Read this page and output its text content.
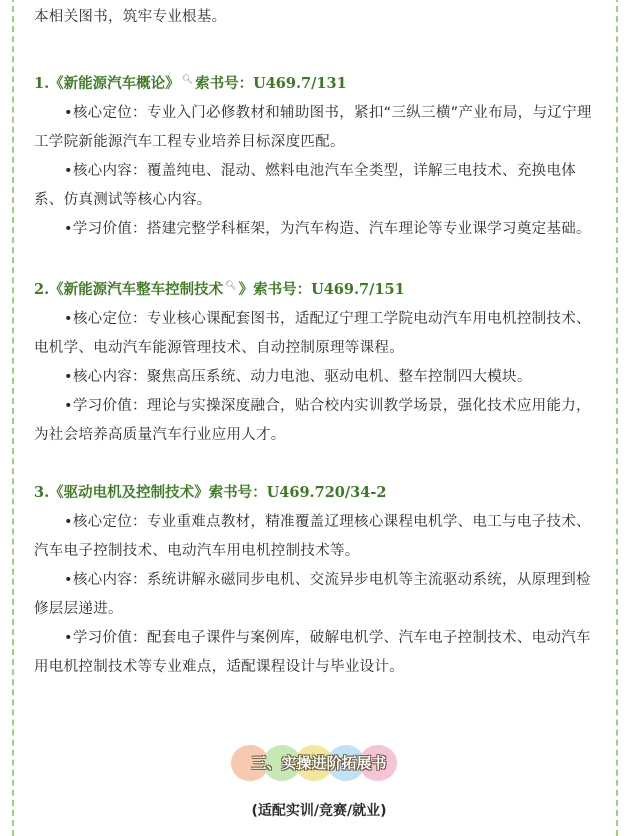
本相关图书，筑牢专业根基。

1.《新能源汽车概论》 🔍︎ 索书号：U469.7/131

•核心定位：专业入门必修教材和辅助图书，紧扣“三纵三横”产业布局，与辽宁理工学院新能源汽车工程专业培养目标深度匹配。

•核心内容：覆盖纯电、混动、燃料电池汽车全类型，详解三电技术、充换电体系、仿真测试等核心内容。

•学习价值：搭建完整学科框架，为汽车构造、汽车理论等专业课学习奠定基础。

2.《新能源汽车整车控制技术 🔍︎ 》索书号：U469.7/151

•核心定位：专业核心课配套图书，适配辽宁理工学院电动汽车用电机控制技术、电机学、电动汽车能源管理技术、自动控制原理等课程。

•核心内容：聚焦高压系统、动力电池、驱动电机、整车控制四大模块。

•学习价值：理论与实操深度融合，贴合校内实训教学场景，强化技术应用能力，为社会培养高质量汽车行业应用人才。

3.《驱动电机及控制技术》索书号：U469.720/34-2

•核心定位：专业重难点教材，精准覆盖辽理核心课程电机学、电工与电子技术、汽车电子控制技术、电动汽车用电机控制技术等。

•核心内容：系统讲解永磁同步电机、交流异步电机等主流驱动系统，从原理到检修层层递进。

•学习价值：配套电子课件与案例库，破解电机学、汽车电子控制技术、电动汽车用电机控制技术等专业难点，适配课程设计与毕业设计。

三、实操进阶拓展书
(适配实训/竞赛/就业)
